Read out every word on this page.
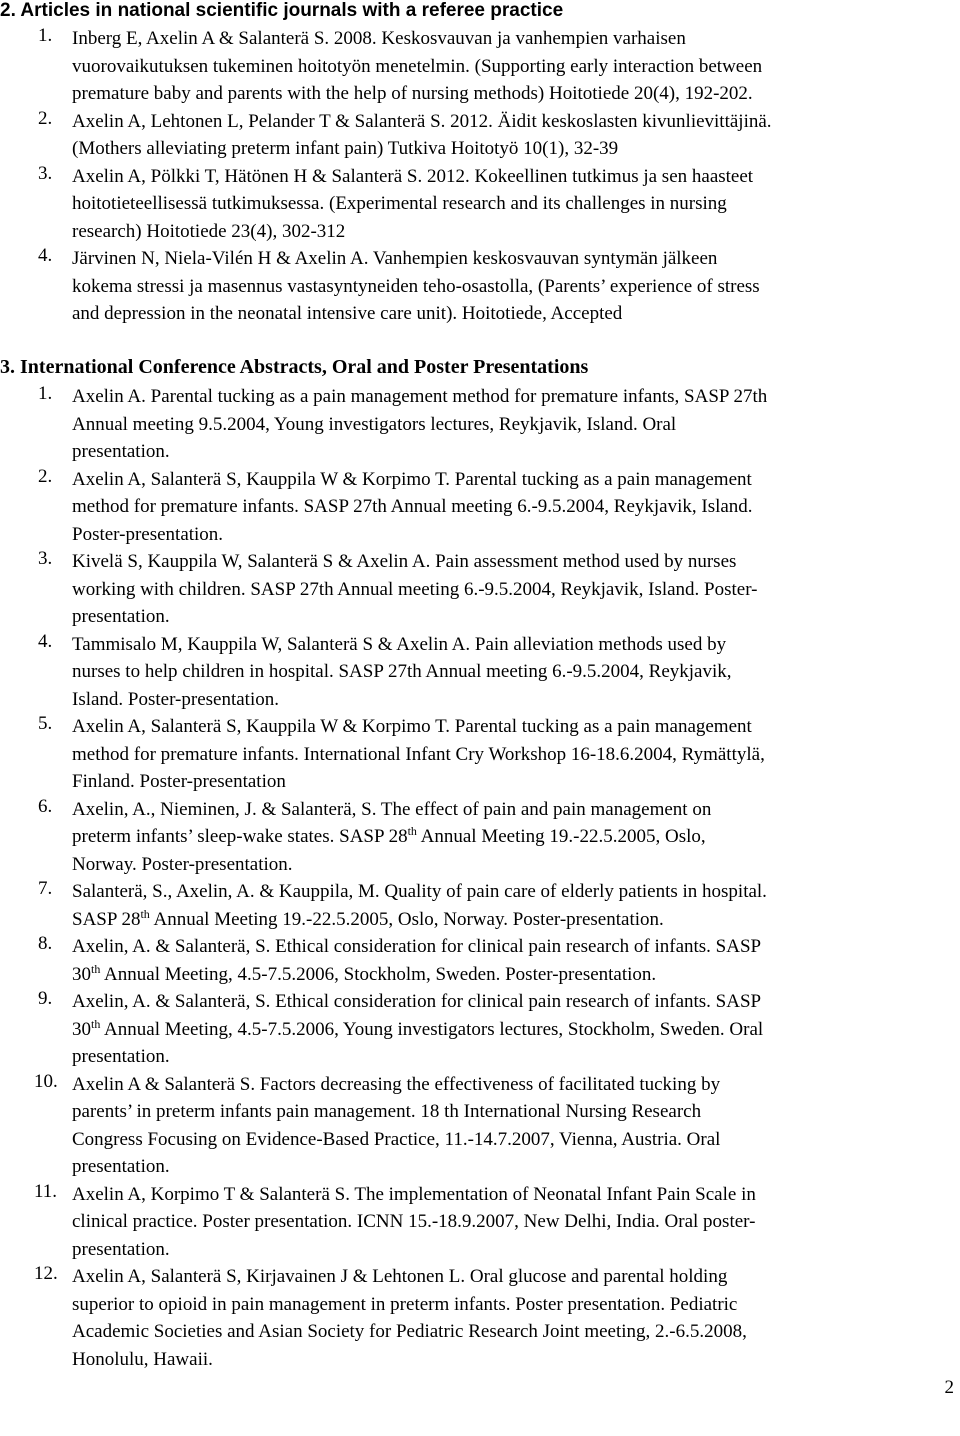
2. Articles in national scientific journals with a referee practice
1.	Inberg E, Axelin A & Salanterä S. 2008. Keskosvauvan ja vanhempien varhaisen
vuorovaikutuksen tukeminen hoitotyön menetelmin. (Supporting early interaction between
premature baby and parents with the help of nursing methods) Hoitotiede 20(4), 192-202.
2.	Axelin A, Lehtonen L, Pelander T & Salanterä S. 2012. Äidit keskoslasten kivunlievittäjinä.
(Mothers alleviating preterm infant pain) Tutkiva Hoitotyö 10(1), 32-39
3.	Axelin A, Pölkki T, Hätönen H & Salanterä S. 2012. Kokeellinen tutkimus ja sen haasteet
hoitotieteellisessä tutkimuksessa. (Experimental research and its challenges in nursing
research) Hoitotiede 23(4), 302-312
4.	Järvinen N, Niela-Vilén H & Axelin A. Vanhempien keskosvauvan syntymän jälkeen
kokema stressi ja masennus vastasyntyneiden teho-osastolla, (Parents’ experience of stress
and depression in the neonatal intensive care unit). Hoitotiede, Accepted
3. International Conference Abstracts, Oral and Poster Presentations
1.	Axelin A. Parental tucking as a pain management method for premature infants, SASP 27th
Annual meeting 9.5.2004, Young investigators lectures, Reykjavik, Island. Oral
presentation.
2.	Axelin A, Salanterä S, Kauppila W & Korpimo T. Parental tucking as a pain management
method for premature infants. SASP 27th Annual meeting 6.-9.5.2004, Reykjavik, Island.
Poster-presentation.
3.	Kivelä S, Kauppila W, Salanterä S & Axelin A. Pain assessment method used by nurses
working with children. SASP 27th Annual meeting 6.-9.5.2004, Reykjavik, Island. Poster-
presentation.
4.	Tammisalo M, Kauppila W, Salanterä S & Axelin A. Pain alleviation methods used by
nurses to help children in hospital. SASP 27th Annual meeting 6.-9.5.2004, Reykjavik,
Island. Poster-presentation.
5.	Axelin A, Salanterä S, Kauppila W & Korpimo T. Parental tucking as a pain management
method for premature infants. International Infant Cry Workshop 16-18.6.2004, Rymättylä,
Finland. Poster-presentation
6.	Axelin, A., Nieminen, J. & Salanterä, S. The effect of pain and pain management on
preterm infants’ sleep-wake states. SASP 28th Annual Meeting 19.-22.5.2005, Oslo,
Norway. Poster-presentation.
7.	Salanterä, S., Axelin, A. & Kauppila, M. Quality of pain care of elderly patients in hospital.
SASP 28th Annual Meeting 19.-22.5.2005, Oslo, Norway. Poster-presentation.
8.	Axelin, A. & Salanterä, S. Ethical consideration for clinical pain research of infants. SASP
30th Annual Meeting, 4.5-7.5.2006, Stockholm, Sweden. Poster-presentation.
9.	Axelin, A. & Salanterä, S. Ethical consideration for clinical pain research of infants. SASP
30th Annual Meeting, 4.5-7.5.2006, Young investigators lectures, Stockholm, Sweden. Oral
presentation.
10. Axelin A & Salanterä S. Factors decreasing the effectiveness of facilitated tucking by
parents’ in preterm infants pain management. 18 th International Nursing Research
Congress Focusing on Evidence-Based Practice, 11.-14.7.2007, Vienna, Austria. Oral
presentation.
11. Axelin A, Korpimo T & Salanterä S. The implementation of Neonatal Infant Pain Scale in
clinical practice. Poster presentation. ICNN 15.-18.9.2007, New Delhi, India. Oral poster-
presentation.
12. Axelin A, Salanterä S, Kirjavainen J & Lehtonen L. Oral glucose and parental holding
superior to opioid in pain management in preterm infants. Poster presentation. Pediatric
Academic Societies and Asian Society for Pediatric Research Joint meeting, 2.-6.5.2008,
Honolulu, Hawaii.
2
